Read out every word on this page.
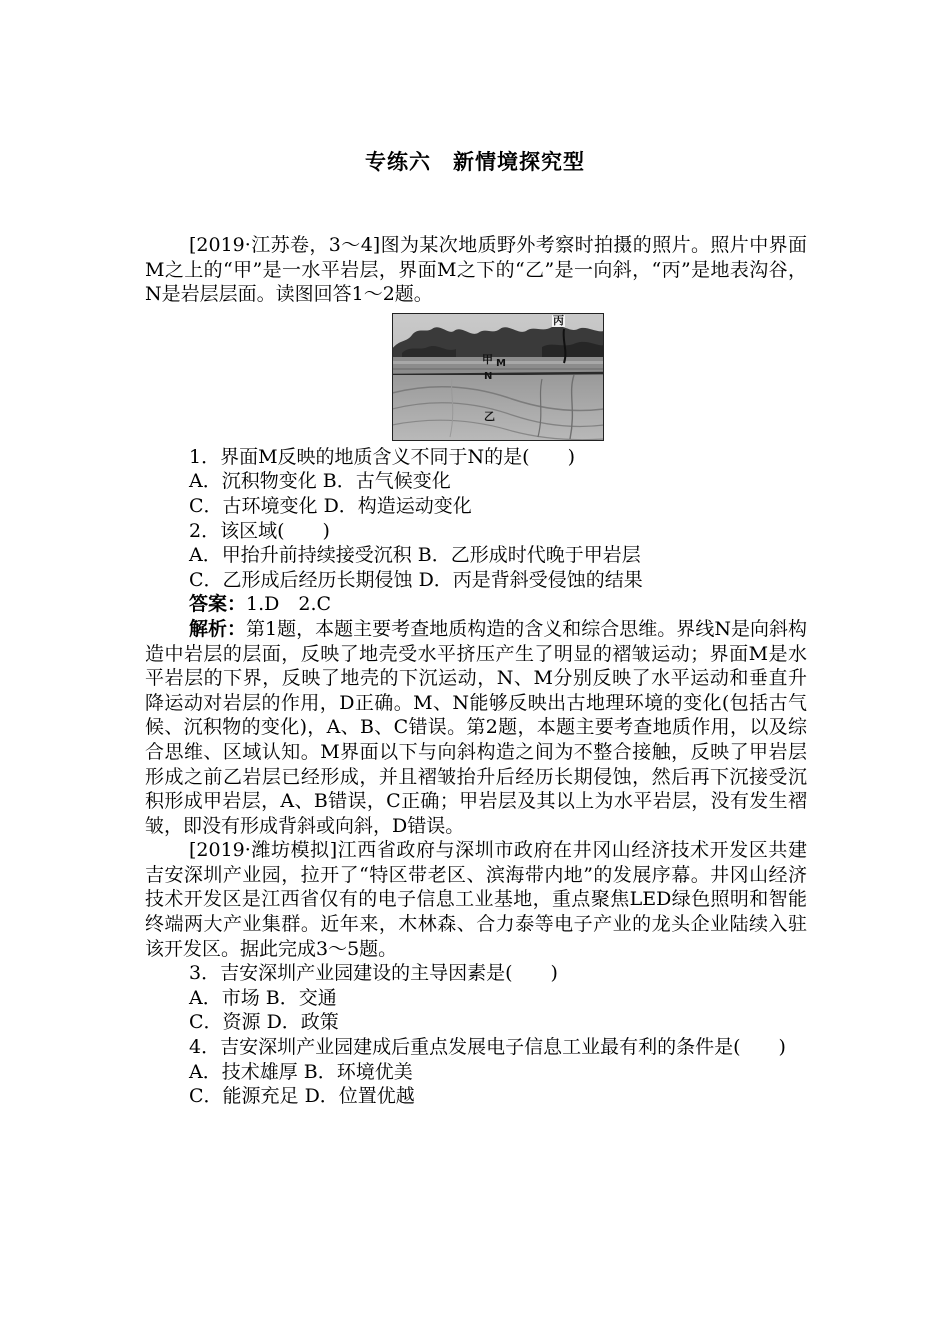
专练六　新情境探究型

[2019·江苏卷，3～4]图为某次地质野外考察时拍摄的照片。照片中界面M之上的“甲”是一水平岩层，界面M之下的“乙”是一向斜，“丙”是地表沟谷，N是岩层层面。读图回答1～2题。

丙
甲 M
N
乙

1．界面M反映的地质含义不同于N的是(　　)

A．沉积物变化 B．古气候变化

C．古环境变化 D．构造运动变化

2．该区域(　　)

A．甲抬升前持续接受沉积 B．乙形成时代晚于甲岩层

C．乙形成后经历长期侵蚀 D．丙是背斜受侵蚀的结果

答案：1.D　2.C

解析：第1题，本题主要考查地质构造的含义和综合思维。界线N是向斜构造中岩层的层面，反映了地壳受水平挤压产生了明显的褶皱运动；界面M是水平岩层的下界，反映了地壳的下沉运动，N、M分别反映了水平运动和垂直升降运动对岩层的作用，D正确。M、N能够反映出古地理环境的变化(包括古气候、沉积物的变化)，A、B、C错误。第2题，本题主要考查地质作用，以及综合思维、区域认知。M界面以下与向斜构造之间为不整合接触，反映了甲岩层形成之前乙岩层已经形成，并且褶皱抬升后经历长期侵蚀，然后再下沉接受沉积形成甲岩层，A、B错误，C正确；甲岩层及其以上为水平岩层，没有发生褶皱，即没有形成背斜或向斜，D错误。

[2019·潍坊模拟]江西省政府与深圳市政府在井冈山经济技术开发区共建吉安深圳产业园，拉开了“特区带老区、滨海带内地”的发展序幕。井冈山经济技术开发区是江西省仅有的电子信息工业基地，重点聚焦LED绿色照明和智能终端两大产业集群。近年来，木林森、合力泰等电子产业的龙头企业陆续入驻该开发区。据此完成3～5题。

3．吉安深圳产业园建设的主导因素是(　　)

A．市场 B．交通

C．资源 D．政策

4．吉安深圳产业园建成后重点发展电子信息工业最有利的条件是(　　)

A．技术雄厚 B．环境优美

C．能源充足 D．位置优越
